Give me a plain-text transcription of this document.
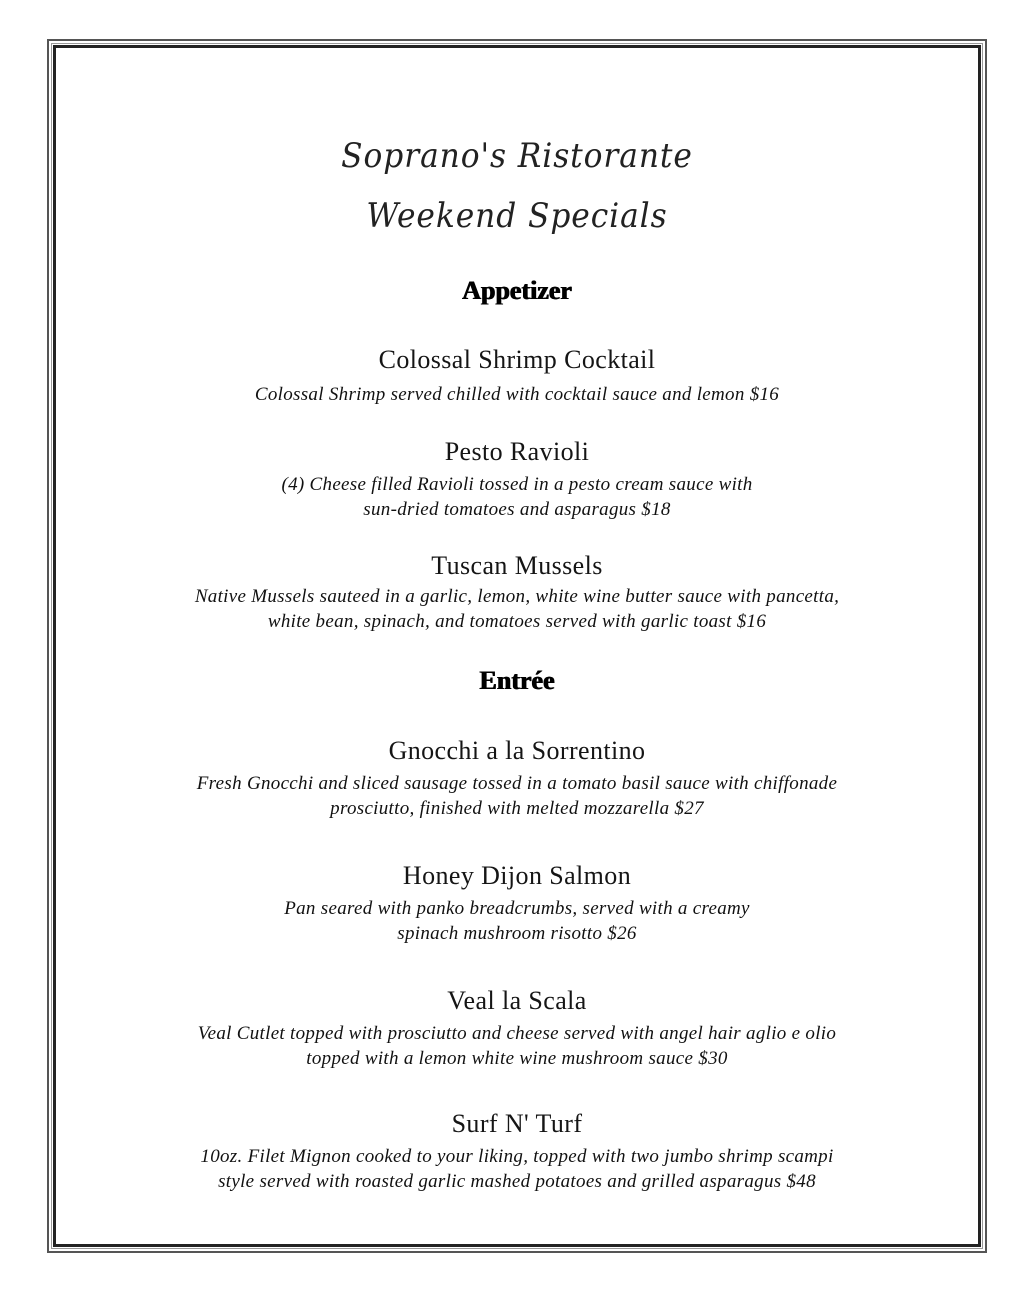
Soprano's Ristorante
Weekend Specials
Appetizer
Colossal Shrimp Cocktail
Colossal Shrimp served chilled with cocktail sauce and lemon $16
Pesto Ravioli
(4) Cheese filled Ravioli tossed in a pesto cream sauce with
sun-dried tomatoes and asparagus $18
Tuscan Mussels
Native Mussels sauteed in a garlic, lemon, white wine butter sauce with pancetta,
white bean, spinach, and tomatoes served with garlic toast $16
Entrée
Gnocchi a la Sorrentino
Fresh Gnocchi and sliced sausage tossed in a tomato basil sauce with chiffonade
prosciutto, finished with melted mozzarella $27
Honey Dijon Salmon
Pan seared with panko breadcrumbs, served with a creamy
spinach mushroom risotto $26
Veal la Scala
Veal Cutlet topped with prosciutto and cheese served with angel hair aglio e olio
topped with a lemon white wine mushroom sauce $30
Surf N' Turf
10oz. Filet Mignon cooked to your liking, topped with two jumbo shrimp scampi
style served with roasted garlic mashed potatoes and grilled asparagus $48
